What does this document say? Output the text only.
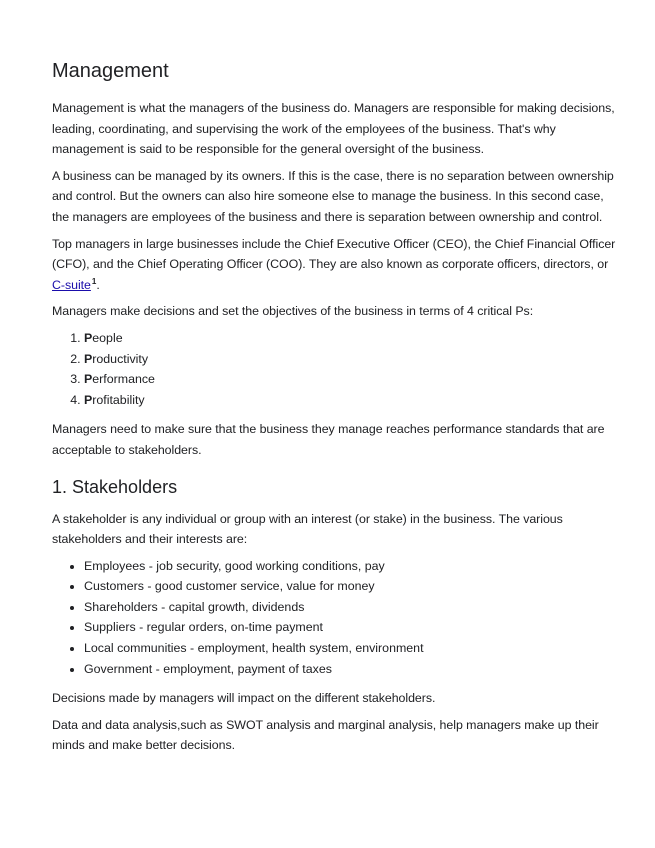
Management

Management is what the managers of the business do. Managers are responsible for making decisions, leading, coordinating, and supervising the work of the employees of the business. That's why management is said to be responsible for the general oversight of the business.

A business can be managed by its owners. If this is the case, there is no separation between ownership and control. But the owners can also hire someone else to manage the business. In this second case, the managers are employees of the business and there is separation between ownership and control.

Top managers in large businesses include the Chief Executive Officer (CEO), the Chief Financial Officer (CFO), and the Chief Operating Officer (COO). They are also known as corporate officers, directors, or C-suite$^1$.

Managers make decisions and set the objectives of the business in terms of 4 critical Ps:

1. People
2. Productivity
3. Performance
4. Profitability

Managers need to make sure that the business they manage reaches performance standards that are acceptable to stakeholders.

1. Stakeholders

A stakeholder is any individual or group with an interest (or stake) in the business. The various stakeholders and their interests are:

• Employees - job security, good working conditions, pay
• Customers - good customer service, value for money
• Shareholders - capital growth, dividends
• Suppliers - regular orders, on-time payment
• Local communities - employment, health system, environment
• Government - employment, payment of taxes

Decisions made by managers will impact on the different stakeholders.

Data and data analysis,such as SWOT analysis and marginal analysis, help managers make up their minds and make better decisions.
